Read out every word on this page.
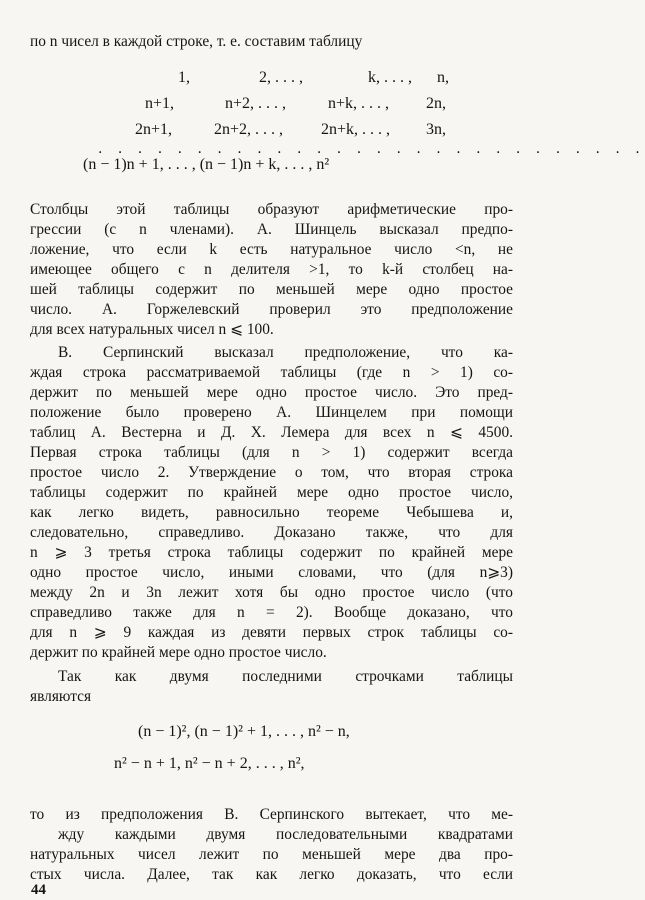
по n чисел в каждой строке, т. е. составим таблицу
1,	2, . . . ,	k, . . . , n,
n+1,	n+2, . . . ,	n+k, . . . , 2n,
2n+1,	2n+2, . . . , 2n+k, . . . , 3n,
. . . . . . . . . . . . . . . . . . . . . . . . . . . .
(n − 1)n + 1, . . . , (n − 1)n + k, . . . , n²
Столбцы этой таблицы образуют арифметические про-
грессии (с n членами). А. Шинцель высказал предпо-
ложение, что если k есть натуральное число <n, не
имеющее общего с n делителя >1, то k-й столбец на-
шей таблицы содержит по меньшей мере одно простое
число. А. Горжелевский проверил это предположение
для всех натуральных чисел n ⩽ 100.
В. Серпинский высказал предположение, что ка-
ждая строка рассматриваемой таблицы (где n > 1) со-
держит по меньшей мере одно простое число. Это пред-
положение было проверено А. Шинцелем при помощи
таблиц А. Вестерна и Д. Х. Лемера для всех n ⩽ 4500.
Первая строка таблицы (для n > 1) содержит всегда
простое число 2. Утверждение о том, что вторая строка
таблицы содержит по крайней мере одно простое число,
как легко видеть, равносильно теореме Чебышева и,
следовательно, справедливо. Доказано также, что для
n ⩾ 3 третья строка таблицы содержит по крайней мере
одно простое число, иными словами, что (для n⩾3)
между 2n и 3n лежит хотя бы одно простое число (что
справедливо также для n = 2). Вообще доказано, что
для n ⩾ 9 каждая из девяти первых строк таблицы со-
держит по крайней мере одно простое число.
Так как двумя последними строчками таблицы
являются
(n − 1)², (n − 1)² + 1, . . . , n² − n,
n² − n + 1, n² − n + 2, . . . , n²,
то из предположения В. Серпинского вытекает, что ме-
жду каждыми двумя последовательными квадратами
натуральных чисел лежит по меньшей мере два про-
стых числа. Далее, так как легко доказать, что если
44
